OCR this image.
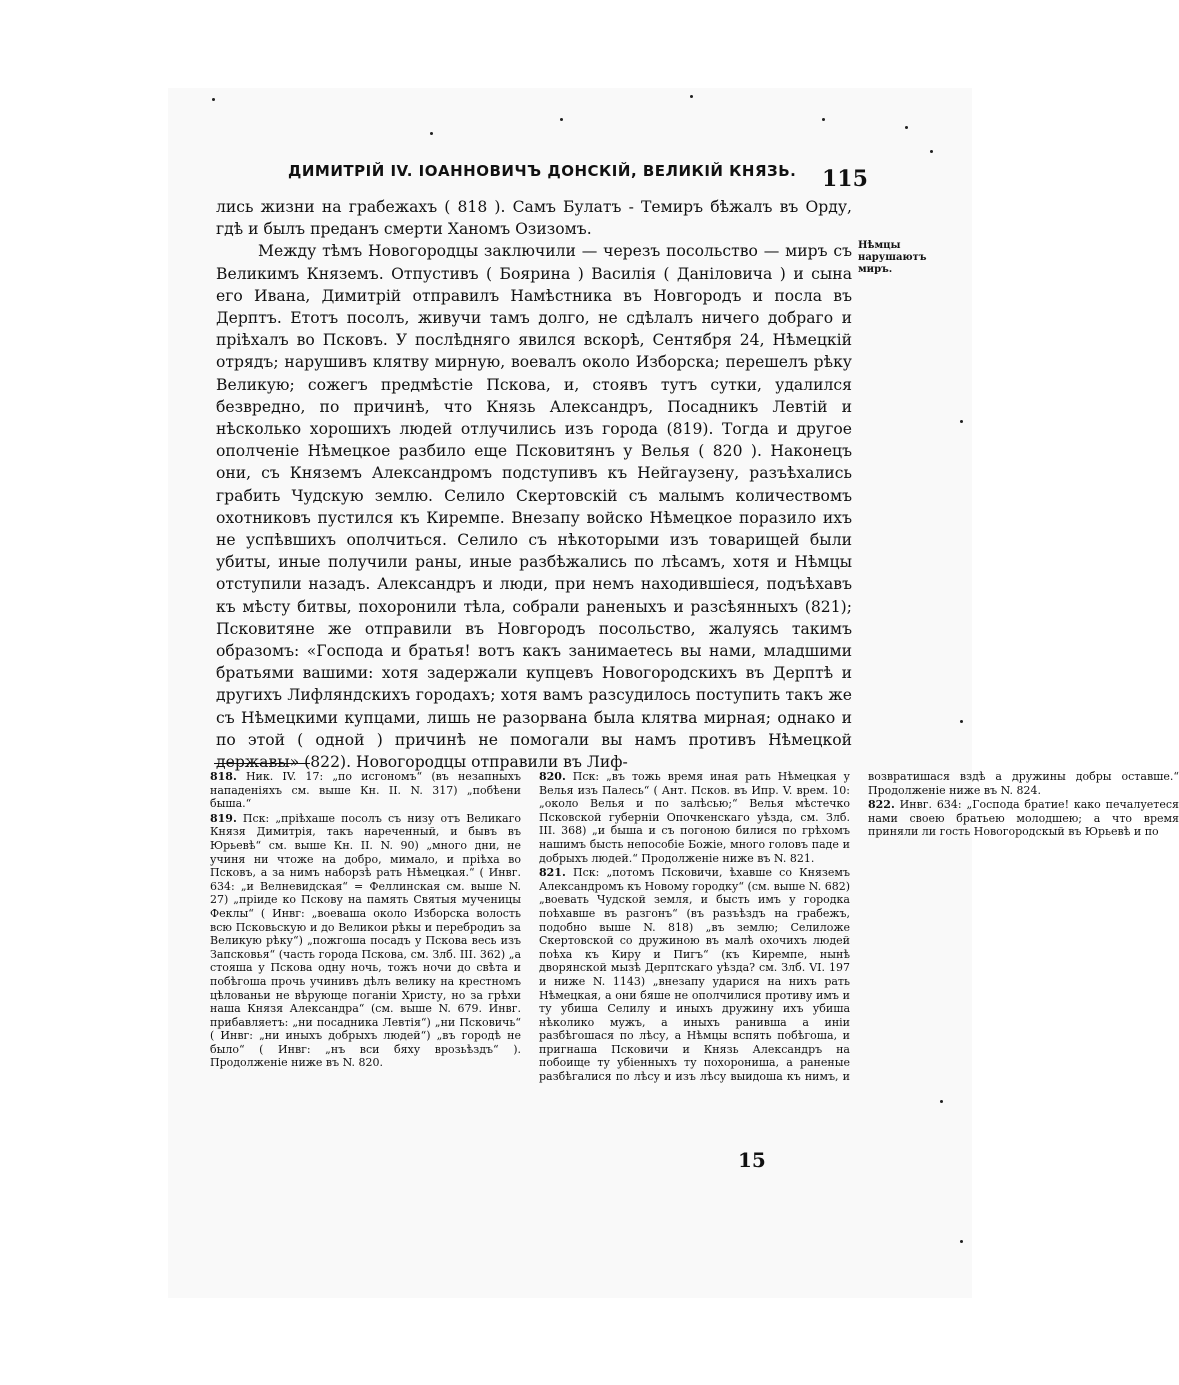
ДИМИТРІЙ IV. ІОАННОВИЧЪ ДОНСКІЙ, ВЕЛИКІЙ КНЯЗЬ.	115

лись жизни на грабежахъ ( 818 ). Самъ Булатъ - Темиръ бѣжалъ въ Орду, гдѣ и былъ преданъ смерти Ханомъ Озизомъ.

Между тѣмъ Новогородцы заключили — черезъ посольство — миръ съ Великимъ Княземъ. Отпустивъ ( Боярина ) Василія ( Даніловича ) и сына его Ивана, Димитрій отправилъ Намѣстника въ Новгородъ и посла въ Дерптъ. Етотъ посолъ, живучи тамъ долго, не сдѣлалъ ничего добраго и пріѣхалъ во Псковъ. У послѣдняго явился вскорѣ, Сентября 24, Нѣмецкій отрядъ; нарушивъ клятву мирную, воевалъ около Изборска; перешелъ рѣку Великую; сожегъ предмѣстіе Пскова, и, стоявъ тутъ сутки, удалился безвредно, по причинѣ, что Князь Александръ, Посадникъ Левтій и нѣсколько хорошихъ людей отлучились изъ города (819). Тогда и другое ополченіе Нѣмецкое разбило еще Псковитянъ у Велья ( 820 ). Наконецъ они, съ Княземъ Александромъ подступивъ къ Нейгаузену, разъѣхались грабить Чудскую землю. Селило Скертовскій съ малымъ количествомъ охотниковъ пустился къ Киремпе. Внезапу войско Нѣмецкое поразило ихъ не успѣвшихъ ополчиться. Селило съ нѣкоторыми изъ товарищей были убиты, иные получили раны, иные разбѣжались по лѣсамъ, хотя и Нѣмцы отступили назадъ. Александръ и люди, при немъ находившіеся, подъѣхавъ къ мѣсту битвы, похоронили тѣла, собрали раненыхъ и разсѣянныхъ (821); Псковитяне же отправили въ Новгородъ посольство, жалуясь такимъ образомъ: «Господа и братья! вотъ какъ занимаетесь вы нами, младшими братьями вашими: хотя задержали купцевъ Новогородскихъ въ Дерптѣ и другихъ Лифляндскихъ городахъ; хотя вамъ разсудилось поступить такъ же съ Нѣмецкими купцами, лишь не разорвана была клятва мирная; однако и по этой ( одной ) причинѣ не помогали вы намъ противъ Нѣмецкой державы» (822). Новогородцы отправили въ Лиф-

Нѣмцы нарушаютъ миръ.

818. Ник. IV. 17: „по исгономъ“ (въ незапныхъ нападеніяхъ см. выше Кн. II. N. 317) „побѣени быша.“

819. Пск: „пріѣхаше посолъ съ низу отъ Великаго Князя Димитрія, такъ нареченный, и бывъ въ Юрьевѣ“ см. выше Кн. II. N. 90) „много дни, не учиня ни чтоже на добро, мимало, и пріѣха во Псковъ, а за нимъ наборзѣ рать Нѣмецкая.“ ( Инвг. 634: „и Велневидская“ = Феллинская см. выше N. 27) „пріиде ко Пскову на память Святыя мученицы Феклы“ ( Инвг: „воеваша около Изборска волость всю Псковьскую и до Великои рѣкы и перебродиъ за Великую рѣку“) „пожгоша посадъ у Пскова весь изъ Запсковья“ (часть города Пскова, см. Злб. III. 362) „а стояша у Пскова одну ночь, тожъ ночи до свѣта и побѣгоша прочь учинивъ дѣлъ велику на крестномъ цѣлованьи не вѣрующе поганіи Христу, но за грѣхи наша Князя Александра“ (см. выше N. 679. Инвг. прибавляетъ: „ни посадника Левтія“) „ни Псковичь“ ( Инвг: „ни иныхъ добрыхъ людей“) „въ городѣ не было“ ( Инвг: „нъ вси бяху врозьѣздъ“ ). Продолженіе ниже въ N. 820.

820. Пск: „въ тожь время иная рать Нѣмецкая у Велья изъ Палесь“ ( Ант. Псков. въ Ипр. V. врем. 10: „около Велья и по залѣсью;“ Велья мѣстечко Псковской губерніи Опочкенскаго уѣзда, см. Злб. III. 368) „и быша и съ погоною билися по грѣхомъ нашимъ бысть непособіе Божіе, много головъ паде и добрыхъ людей.“ Продолженіе ниже въ N. 821.

821. Пск: „потомъ Псковичи, ѣхавше со Княземъ Александромъ къ Новому городку“ (см. выше N. 682) „воевать Чудской земля, и бысть имъ у городка поѣхавше въ разгонъ“ (въ разъѣздъ на грабежъ, подобно выше N. 818) „въ землю; Селиложе Скертовской со дружиною въ малѣ охочихъ людей поѣха къ Киру и Пигъ“ (къ Киремпе, нынѣ дворянской мызѣ Дерптскаго уѣзда? см. Злб. VI. 197 и ниже N. 1143) „внезапу ударися на нихъ рать Нѣмецкая, а они бяше не ополчилися противу имъ и ту убиша Селилу и иныхъ дружину ихъ убиша нѣколико мужъ, а иныхъ ранивша а иніи разбѣгошася по лѣсу, а Нѣмцы вспять побѣгоша, и пригнаша Псковичи и Князь Александръ на побоище ту убіенныхъ ту похорониша, а раненые разбѣгалися по лѣсу и изъ лѣсу выидоша къ нимъ, и возвратишася вздѣ а дружины добры оставше.“ Продолженіе ниже въ N. 824.

822. Инвг. 634: „Господа братие! како печалуетеся нами своею братьею молодшею; а что время приняли ли гость Новогородскый въ Юрьевѣ и по

15
